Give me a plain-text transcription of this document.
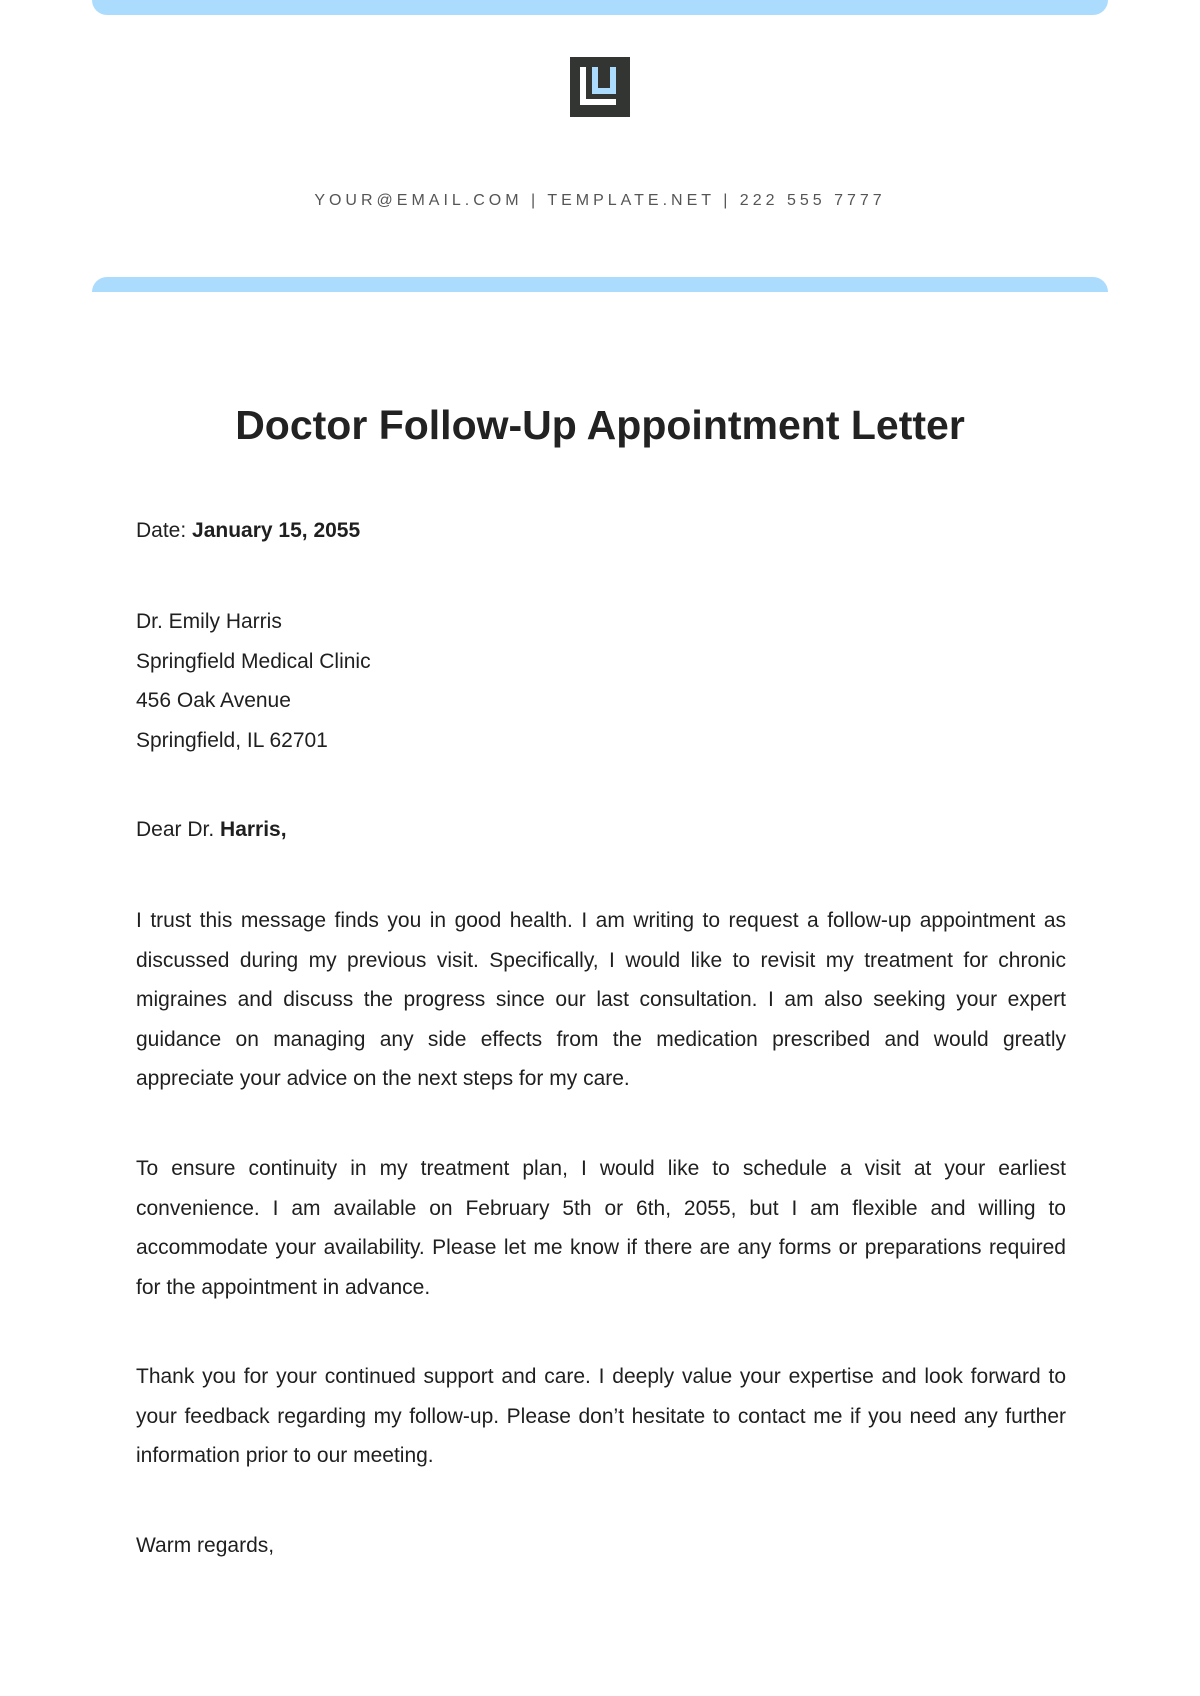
YOUR@EMAIL.COM | TEMPLATE.NET | 222 555 7777
Doctor Follow-Up Appointment Letter

Date: January 15, 2055

Dr. Emily Harris
Springfield Medical Clinic
456 Oak Avenue
Springfield, IL 62701

Dear Dr. Harris,

I trust this message finds you in good health. I am writing to request a follow-up appointment as discussed during my previous visit. Specifically, I would like to revisit my treatment for chronic migraines and discuss the progress since our last consultation. I am also seeking your expert guidance on managing any side effects from the medication prescribed and would greatly appreciate your advice on the next steps for my care.

To ensure continuity in my treatment plan, I would like to schedule a visit at your earliest convenience. I am available on February 5th or 6th, 2055, but I am flexible and willing to accommodate your availability. Please let me know if there are any forms or preparations required for the appointment in advance.

Thank you for your continued support and care. I deeply value your expertise and look forward to your feedback regarding my follow-up. Please don’t hesitate to contact me if you need any further information prior to our meeting.

Warm regards,
